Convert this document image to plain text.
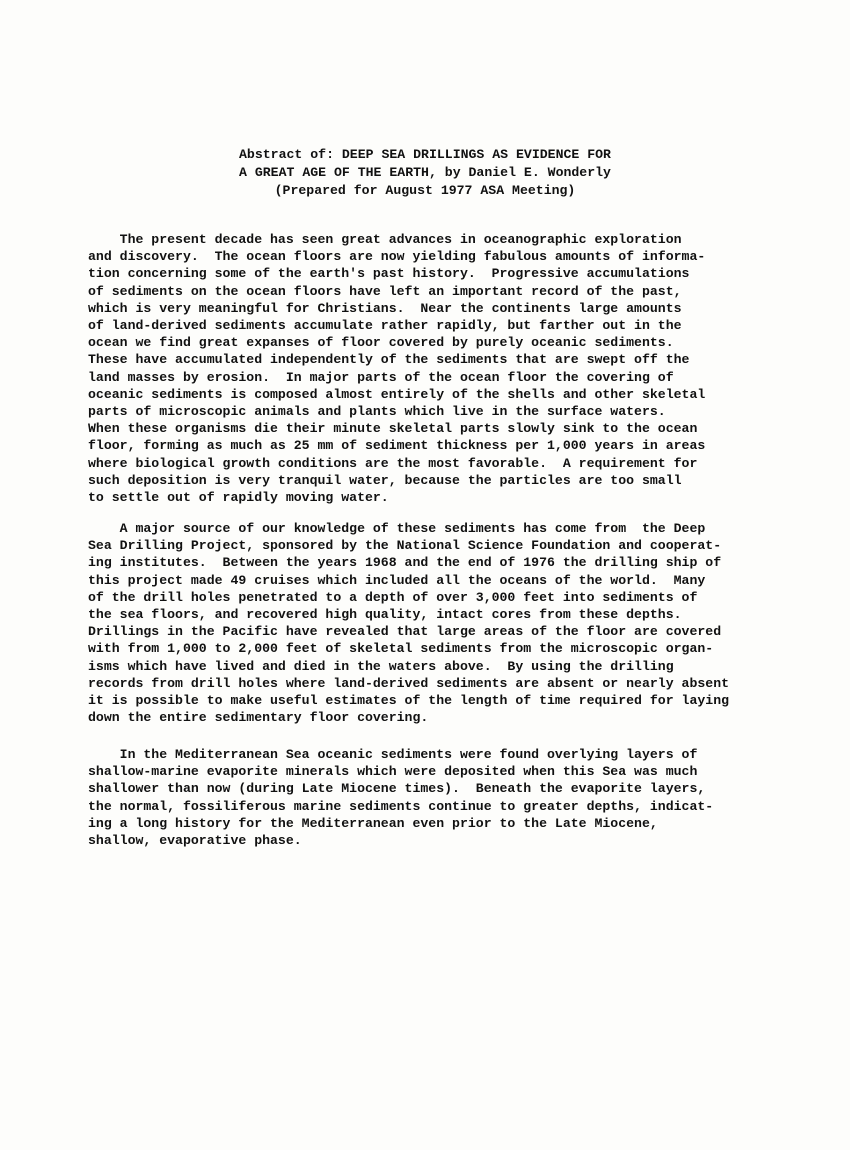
Abstract of: DEEP SEA DRILLINGS AS EVIDENCE FOR
A GREAT AGE OF THE EARTH, by Daniel E. Wonderly
(Prepared for August 1977 ASA Meeting)
The present decade has seen great advances in oceanographic exploration
and discovery.  The ocean floors are now yielding fabulous amounts of informa-
tion concerning some of the earth's past history.  Progressive accumulations
of sediments on the ocean floors have left an important record of the past,
which is very meaningful for Christians.  Near the continents large amounts
of land-derived sediments accumulate rather rapidly, but farther out in the
ocean we find great expanses of floor covered by purely oceanic sediments.
These have accumulated independently of the sediments that are swept off the
land masses by erosion.  In major parts of the ocean floor the covering of
oceanic sediments is composed almost entirely of the shells and other skeletal
parts of microscopic animals and plants which live in the surface waters.
When these organisms die their minute skeletal parts slowly sink to the ocean
floor, forming as much as 25 mm of sediment thickness per 1,000 years in areas
where biological growth conditions are the most favorable.  A requirement for
such deposition is very tranquil water, because the particles are too small
to settle out of rapidly moving water.
A major source of our knowledge of these sediments has come from  the Deep
Sea Drilling Project, sponsored by the National Science Foundation and cooperat-
ing institutes.  Between the years 1968 and the end of 1976 the drilling ship of
this project made 49 cruises which included all the oceans of the world.  Many
of the drill holes penetrated to a depth of over 3,000 feet into sediments of
the sea floors, and recovered high quality, intact cores from these depths.
Drillings in the Pacific have revealed that large areas of the floor are covered
with from 1,000 to 2,000 feet of skeletal sediments from the microscopic organ-
isms which have lived and died in the waters above.  By using the drilling
records from drill holes where land-derived sediments are absent or nearly absent
it is possible to make useful estimates of the length of time required for laying
down the entire sedimentary floor covering.
In the Mediterranean Sea oceanic sediments were found overlying layers of
shallow-marine evaporite minerals which were deposited when this Sea was much
shallower than now (during Late Miocene times).  Beneath the evaporite layers,
the normal, fossiliferous marine sediments continue to greater depths, indicat-
ing a long history for the Mediterranean even prior to the Late Miocene,
shallow, evaporative phase.
